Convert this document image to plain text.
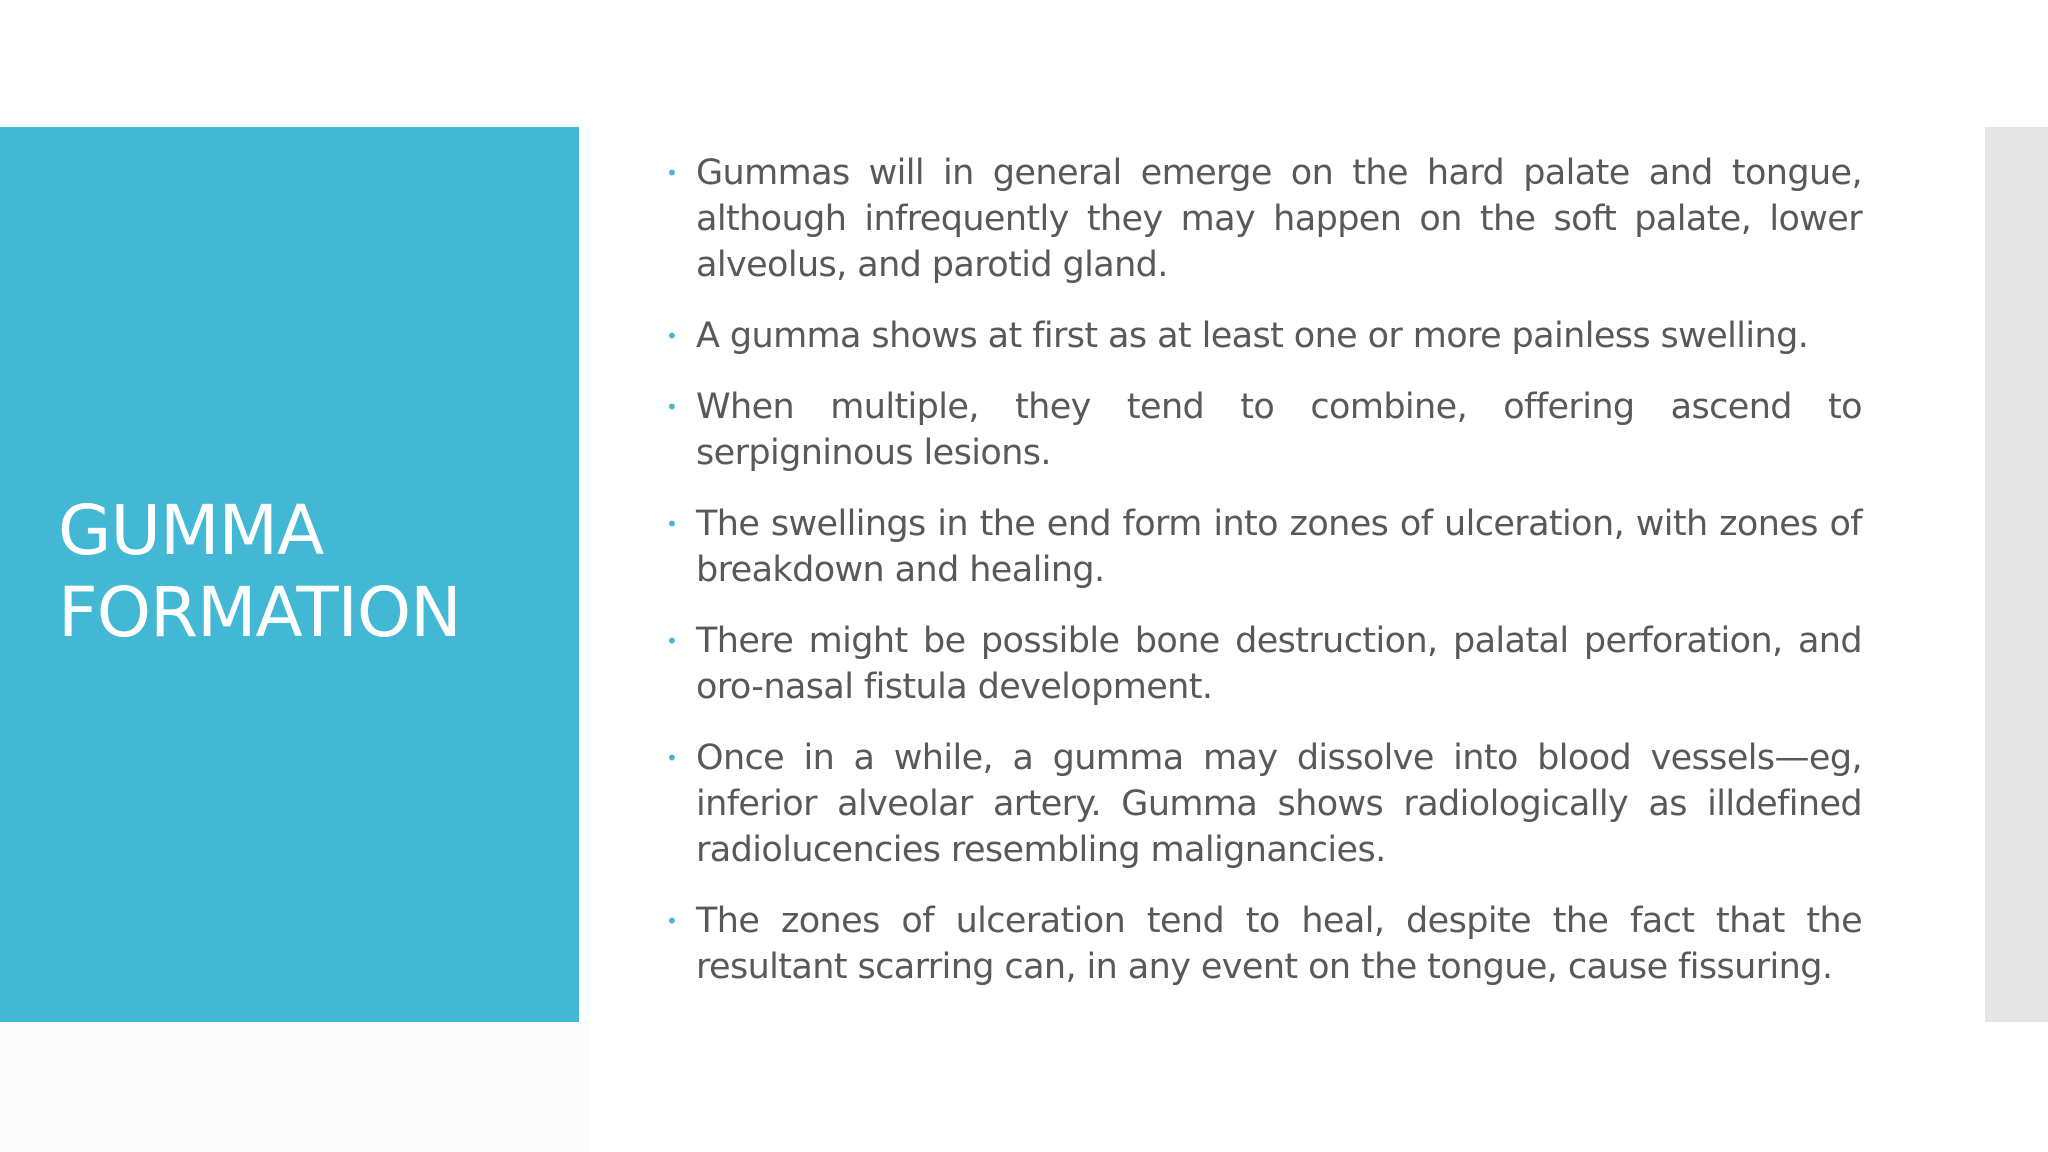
GUMMA
FORMATION
• Gummas will in general emerge on the hard palate and tongue, although infrequently they may happen on the soft palate, lower alveolus, and parotid gland.
• A gumma shows at first as at least one or more painless swelling.
• When multiple, they tend to combine, offering ascend to serpigninous lesions.
• The swellings in the end form into zones of ulceration, with zones of breakdown and healing.
• There might be possible bone destruction, palatal perforation, and oro-nasal fistula development.
• Once in a while, a gumma may dissolve into blood vessels—eg, inferior alveolar artery. Gumma shows radiologically as illdefined radiolucencies resembling malignancies.
• The zones of ulceration tend to heal, despite the fact that the resultant scarring can, in any event on the tongue, cause fissuring.
